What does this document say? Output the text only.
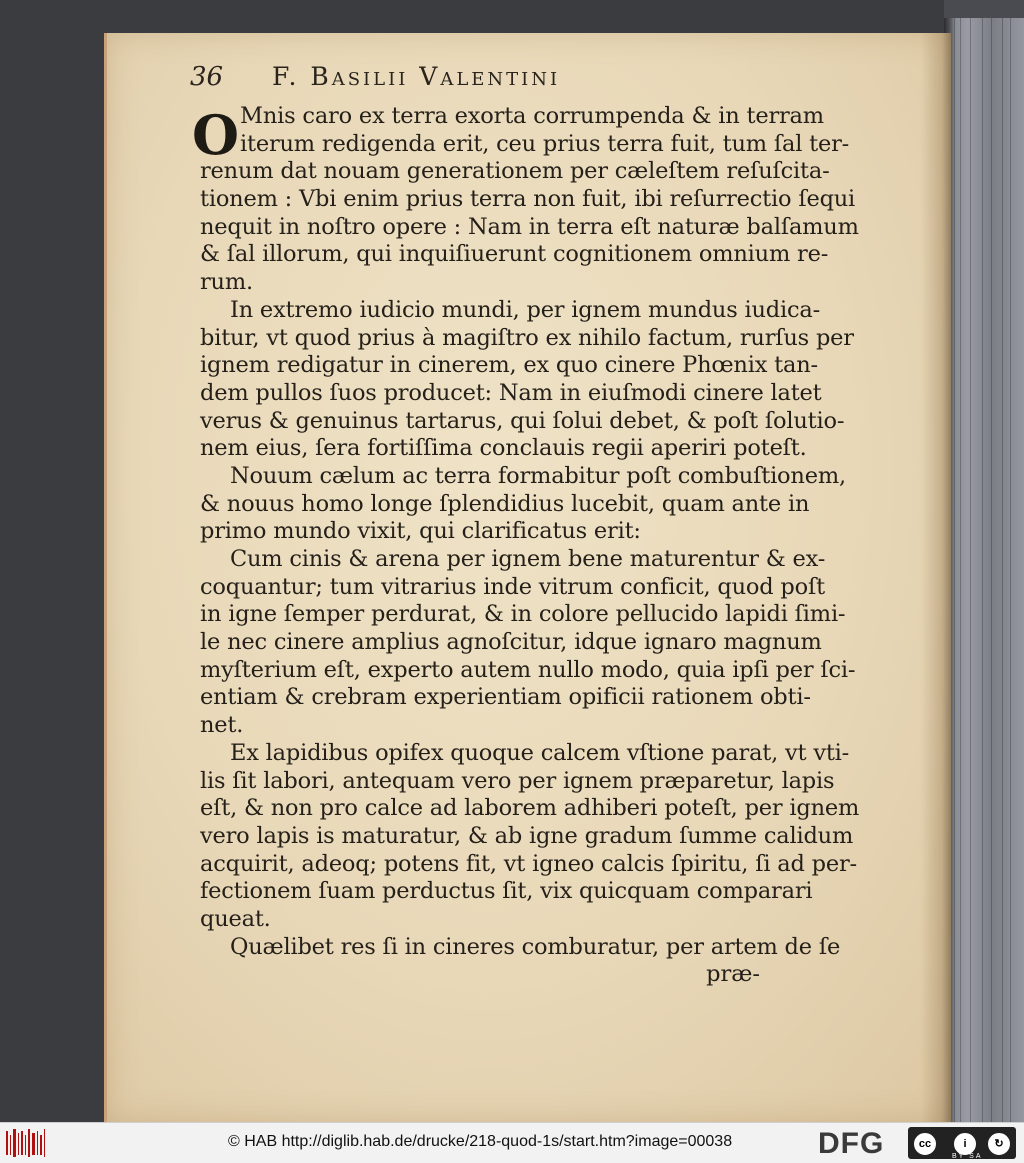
36 F. Basilii Valentini
O Mnis caro ex terra exorta corrumpenda & in terram
iterum redigenda erit, ceu prius terra fuit, tum ſal ter-
renum dat nouam generationem per cæleſtem reſuſcita-
tionem : Vbi enim prius terra non fuit, ibi reſurrectio ſequi
nequit in noſtro opere : Nam in terra eſt naturæ balſamum
& ſal illorum, qui inquiſiuerunt cognitionem omnium re-
rum.
In extremo iudicio mundi, per ignem mundus iudica-
bitur, vt quod prius à magiſtro ex nihilo factum, rurſus per
ignem redigatur in cinerem, ex quo cinere Phœnix tan-
dem pullos ſuos producet: Nam in eiuſmodi cinere latet
verus & genuinus tartarus, qui ſolui debet, & poſt ſolutio-
nem eius, ſera fortiſſima conclauis regii aperiri poteſt.
Nouum cælum ac terra formabitur poſt combuſtionem,
& nouus homo longe ſplendidius lucebit, quam ante in
primo mundo vixit, qui clarificatus erit:
Cum cinis & arena per ignem bene maturentur & ex-
coquantur; tum vitrarius inde vitrum conficit, quod poſt
in igne ſemper perdurat, & in colore pellucido lapidi ſimi-
le nec cinere amplius agnoſcitur, idque ignaro magnum
myſterium eſt, experto autem nullo modo, quia ipſi per ſci-
entiam & crebram experientiam opificii rationem obti-
net.
Ex lapidibus opifex quoque calcem vſtione parat, vt vti-
lis ſit labori, antequam vero per ignem præparetur, lapis
eſt, & non pro calce ad laborem adhiberi poteſt, per ignem
vero lapis is maturatur, & ab igne gradum ſumme calidum
acquirit, adeoq; potens fit, vt igneo calcis ſpiritu, ſi ad per-
fectionem ſuam perductus ſit, vix quicquam comparari
queat.
Quælibet res ſi in cineres comburatur, per artem de ſe
præ-
© HAB http://diglib.hab.de/drucke/218-quod-1s/start.htm?image=00038	DFG	cc	i	↻
BY SA
